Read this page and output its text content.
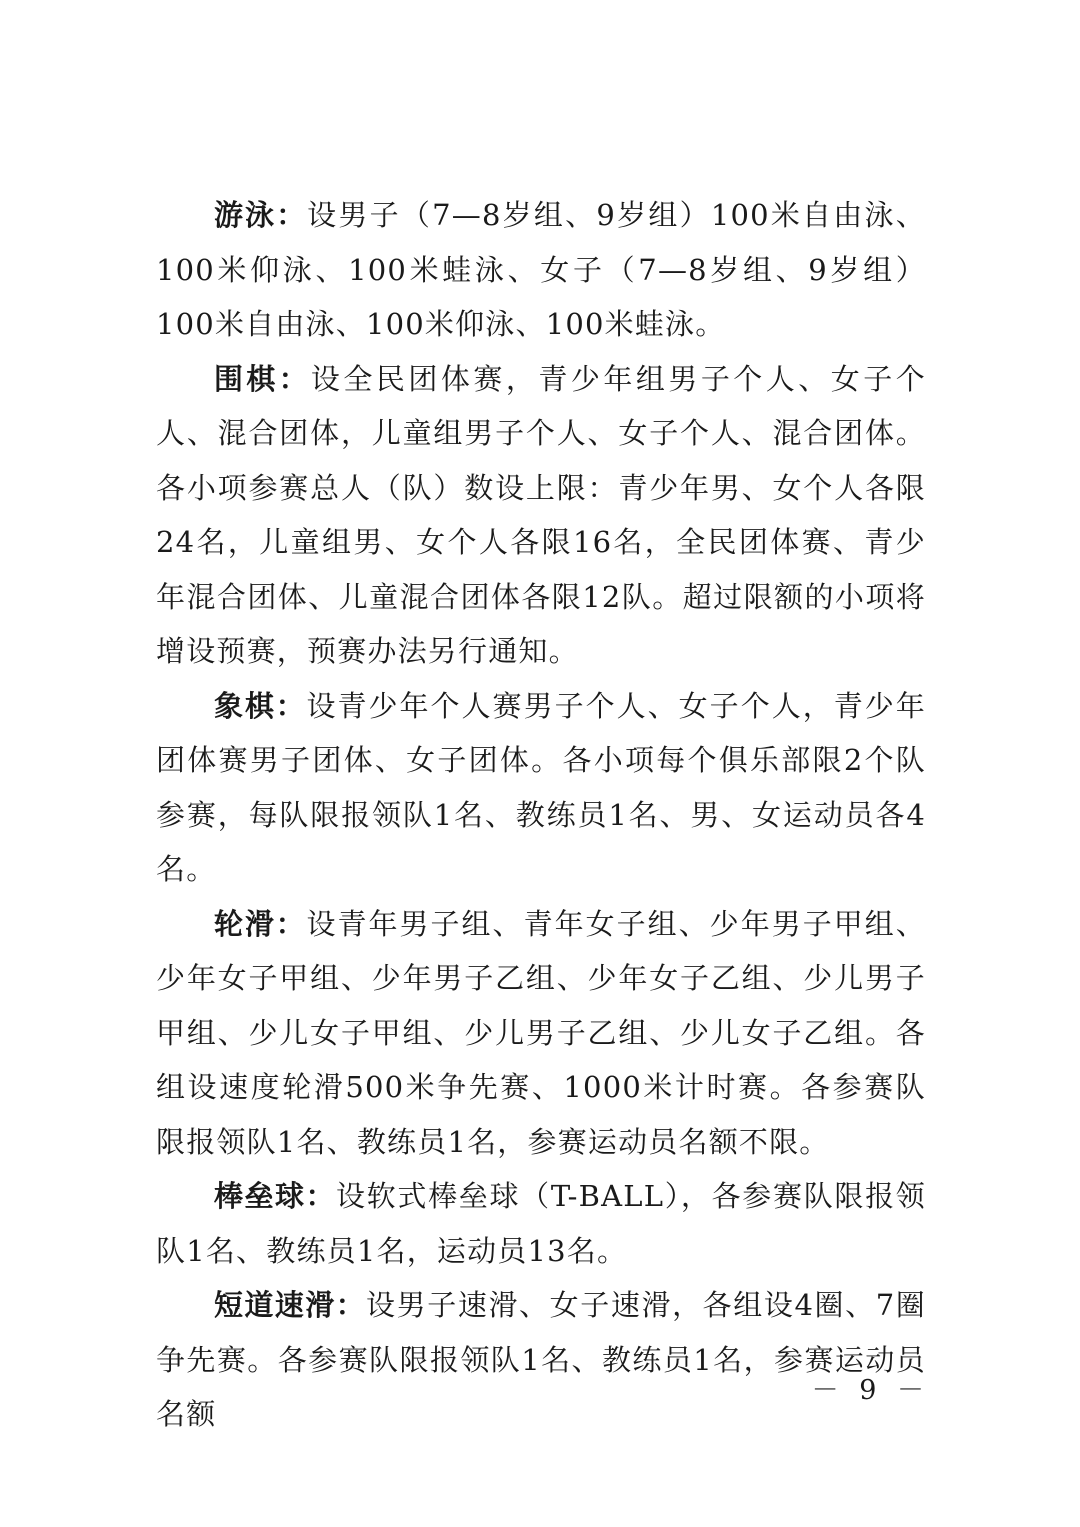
游泳：设男子（7—8岁组、9岁组）100米自由泳、100米仰泳、100米蛙泳、女子（7—8岁组、9岁组）100米自由泳、100米仰泳、100米蛙泳。

围棋：设全民团体赛，青少年组男子个人、女子个人、混合团体，儿童组男子个人、女子个人、混合团体。各小项参赛总人（队）数设上限：青少年男、女个人各限24名，儿童组男、女个人各限16名，全民团体赛、青少年混合团体、儿童混合团体各限12队。超过限额的小项将增设预赛，预赛办法另行通知。

象棋：设青少年个人赛男子个人、女子个人，青少年团体赛男子团体、女子团体。各小项每个俱乐部限2个队参赛，每队限报领队1名、教练员1名、男、女运动员各4名。

轮滑：设青年男子组、青年女子组、少年男子甲组、少年女子甲组、少年男子乙组、少年女子乙组、少儿男子甲组、少儿女子甲组、少儿男子乙组、少儿女子乙组。各组设速度轮滑500米争先赛、1000米计时赛。各参赛队限报领队1名、教练员1名，参赛运动员名额不限。

棒垒球：设软式棒垒球（T-BALL），各参赛队限报领队1名、教练员1名，运动员13名。

短道速滑：设男子速滑、女子速滑，各组设4圈、7圈争先赛。各参赛队限报领队1名、教练员1名，参赛运动员名额

－ 9 －
